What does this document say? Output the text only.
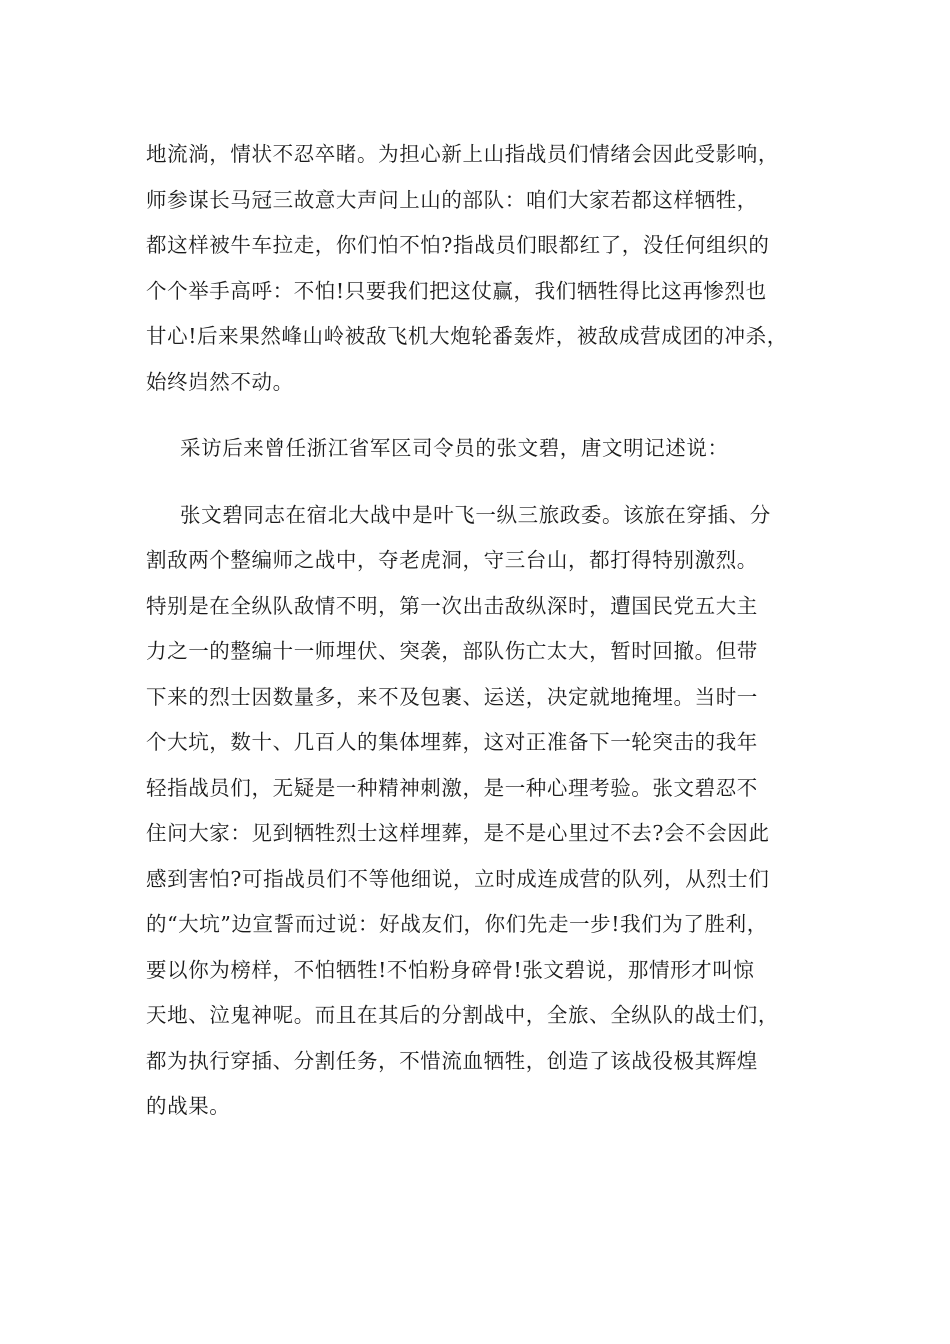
地流淌，情状不忍卒睹。为担心新上山指战员们情绪会因此受影响，
师参谋长马冠三故意大声问上山的部队：咱们大家若都这样牺牲，
都这样被牛车拉走，你们怕不怕?指战员们眼都红了，没任何组织的
个个举手高呼：不怕!只要我们把这仗赢，我们牺牲得比这再惨烈也
甘心!后来果然峰山岭被敌飞机大炮轮番轰炸，被敌成营成团的冲杀，
始终岿然不动。
采访后来曾任浙江省军区司令员的张文碧，唐文明记述说：
张文碧同志在宿北大战中是叶飞一纵三旅政委。该旅在穿插、分
割敌两个整编师之战中，夺老虎洞，守三台山，都打得特别激烈。
特别是在全纵队敌情不明，第一次出击敌纵深时，遭国民党五大主
力之一的整编十一师埋伏、突袭，部队伤亡太大，暂时回撤。但带
下来的烈士因数量多，来不及包裹、运送，决定就地掩埋。当时一
个大坑，数十、几百人的集体埋葬，这对正准备下一轮突击的我年
轻指战员们，无疑是一种精神刺激，是一种心理考验。张文碧忍不
住问大家：见到牺牲烈士这样埋葬，是不是心里过不去?会不会因此
感到害怕?可指战员们不等他细说，立时成连成营的队列，从烈士们
的“大坑”边宣誓而过说：好战友们，你们先走一步!我们为了胜利，
要以你为榜样，不怕牺牲!不怕粉身碎骨!张文碧说，那情形才叫惊
天地、泣鬼神呢。而且在其后的分割战中，全旅、全纵队的战士们，
都为执行穿插、分割任务，不惜流血牺牲，创造了该战役极其辉煌
的战果。
